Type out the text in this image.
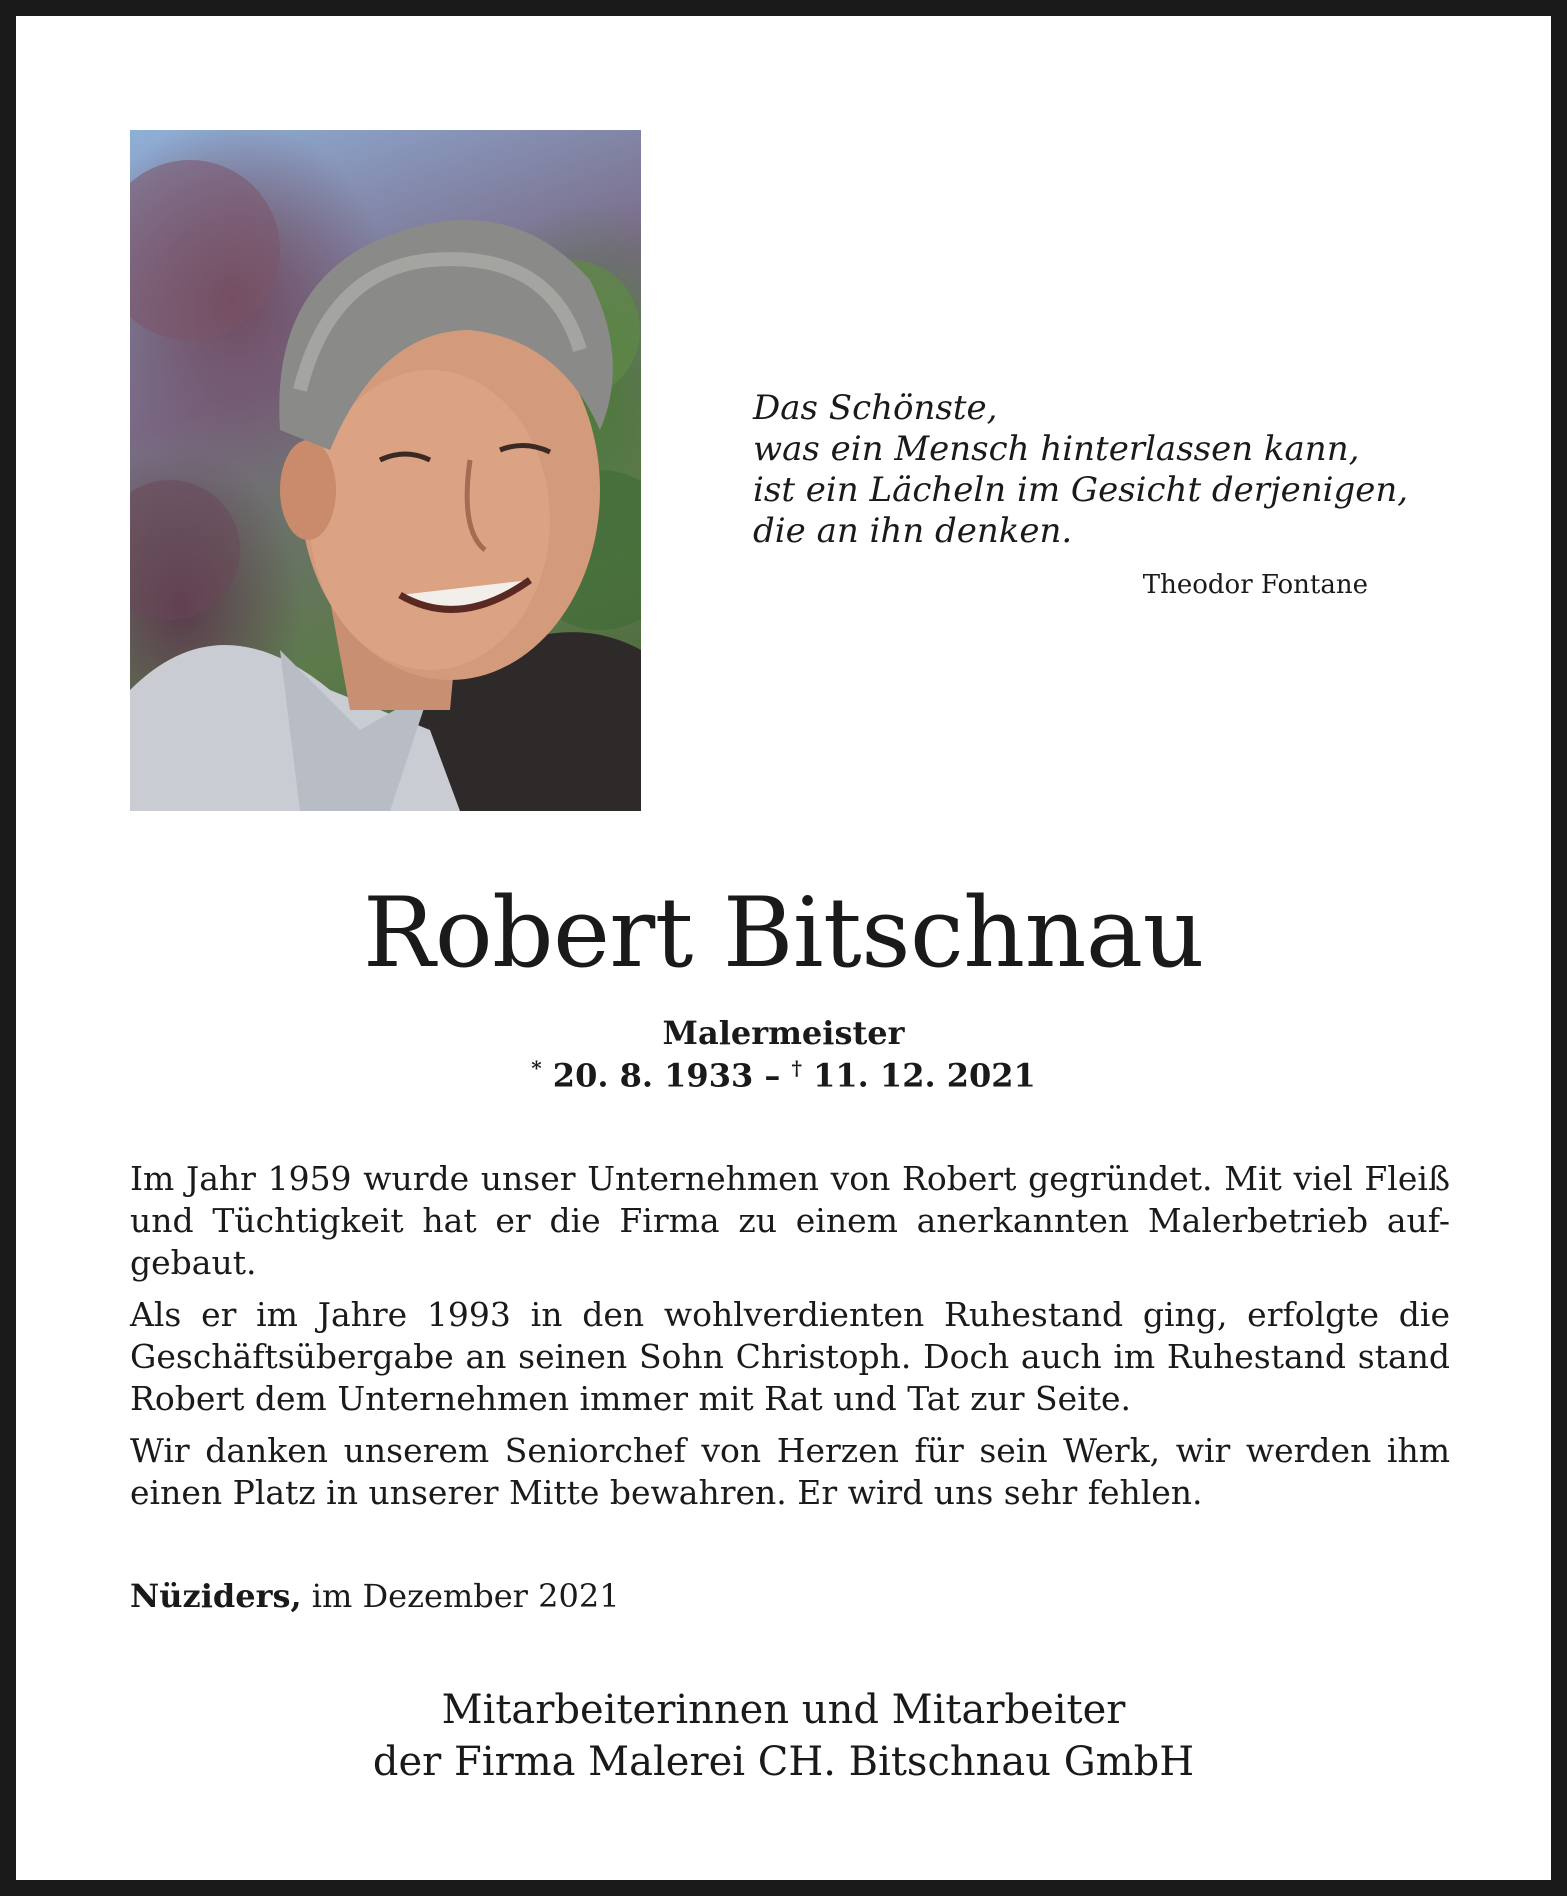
Das Schönste,
was ein Mensch hinterlassen kann,
ist ein Lächeln im Gesicht derjenigen,
die an ihn denken.
Theodor Fontane
Robert Bitschnau
Malermeister
* 20. 8. 1933 – † 11. 12. 2021

Im Jahr 1959 wurde unser Unternehmen von Robert gegründet. Mit viel Fleiß und Tüchtigkeit hat er die Firma zu einem anerkannten Malerbetrieb auf-gebaut.

Als er im Jahre 1993 in den wohlverdienten Ruhestand ging, erfolgte die Geschäftsübergabe an seinen Sohn Christoph. Doch auch im Ruhestand stand Robert dem Unternehmen immer mit Rat und Tat zur Seite.

Wir danken unserem Seniorchef von Herzen für sein Werk, wir werden ihm einen Platz in unserer Mitte bewahren. Er wird uns sehr fehlen.

Nüziders, im Dezember 2021
Mitarbeiterinnen und Mitarbeiter
der Firma Malerei CH. Bitschnau GmbH
